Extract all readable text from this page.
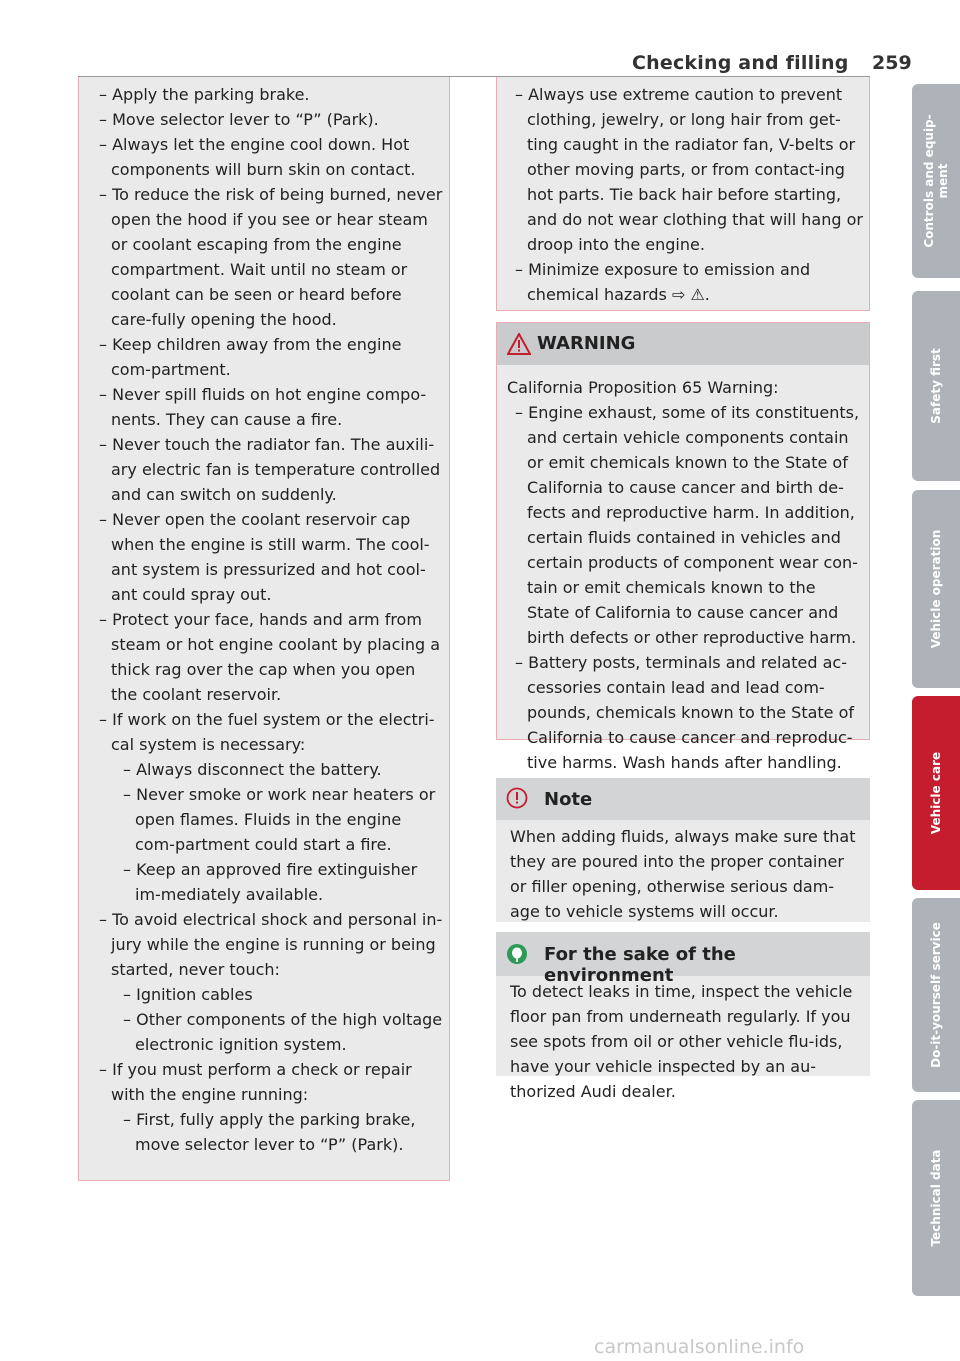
Checking and filling 259
– Apply the parking brake.
– Move selector lever to “P” (Park).
– Always let the engine cool down. Hot components will burn skin on contact.
– To reduce the risk of being burned, never open the hood if you see or hear steam or coolant escaping from the engine compartment. Wait until no steam or coolant can be seen or heard before care-fully opening the hood.
– Keep children away from the engine com-partment.
– Never spill fluids on hot engine compo-nents. They can cause a fire.
– Never touch the radiator fan. The auxili-ary electric fan is temperature controlled and can switch on suddenly.
– Never open the coolant reservoir cap when the engine is still warm. The cool-ant system is pressurized and hot cool-ant could spray out.
– Protect your face, hands and arm from steam or hot engine coolant by placing a thick rag over the cap when you open the coolant reservoir.
– If work on the fuel system or the electri-cal system is necessary:
– Always disconnect the battery.
– Never smoke or work near heaters or open flames. Fluids in the engine com-partment could start a fire.
– Keep an approved fire extinguisher im-mediately available.
– To avoid electrical shock and personal in-jury while the engine is running or being started, never touch:
– Ignition cables
– Other components of the high voltage electronic ignition system.
– If you must perform a check or repair with the engine running:
– First, fully apply the parking brake, move selector lever to “P” (Park).
– Always use extreme caution to prevent clothing, jewelry, or long hair from get-ting caught in the radiator fan, V-belts or other moving parts, or from contact-ing hot parts. Tie back hair before starting, and do not wear clothing that will hang or droop into the engine.
– Minimize exposure to emission and chemical hazards ⇨ ⚠.
WARNING
California Proposition 65 Warning:
– Engine exhaust, some of its constituents, and certain vehicle components contain or emit chemicals known to the State of California to cause cancer and birth de-fects and reproductive harm. In addition, certain fluids contained in vehicles and certain products of component wear con-tain or emit chemicals known to the State of California to cause cancer and birth defects or other reproductive harm.
– Battery posts, terminals and related ac-cessories contain lead and lead com-pounds, chemicals known to the State of California to cause cancer and reproduc-tive harms. Wash hands after handling.
Note

When adding fluids, always make sure that they are poured into the proper container or filler opening, otherwise serious dam-age to vehicle systems will occur.

For the sake of the environment

To detect leaks in time, inspect the vehicle floor pan from underneath regularly. If you see spots from oil or other vehicle flu-ids, have your vehicle inspected by an au-thorized Audi dealer.

Controls and equip-ment
Safety first
Vehicle operation
Vehicle care
Do-it-yourself service
Technical data
carmanualsonline.info
